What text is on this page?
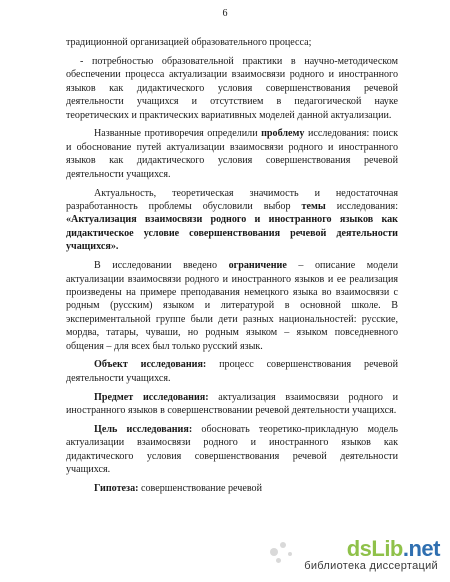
6

традиционной организацией образовательного процесса;

- потребностью образовательной практики в научно-методическом обеспечении процесса актуализации взаимосвязи родного и иностранного языков как дидактического условия совершенствования речевой деятельности учащихся и отсутствием в педагогической науке теоретических и практических вариативных моделей данной актуализации.

Названные противоречия определили проблему исследования: поиск и обоснование путей актуализации взаимосвязи родного и иностранного языков как дидактического условия совершенствования речевой деятельности учащихся.

Актуальность, теоретическая значимость и недостаточная разработанность проблемы обусловили выбор темы исследования: «Актуализация взаимосвязи родного и иностранного языков как дидактическое условие совершенствования речевой деятельности учащихся».

В исследовании введено ограничение – описание модели актуализации взаимосвязи родного и иностранного языков и ее реализация произведены на примере преподавания немецкого языка во взаимосвязи с родным (русским) языком и литературой в основной школе. В экспериментальной группе были дети разных национальностей: русские, мордва, татары, чуваши, но родным языком – языком повседневного общения – для всех был только русский язык.

Объект исследования: процесс совершенствования речевой деятельности учащихся.

Предмет исследования: актуализация взаимосвязи родного и иностранного языков в совершенствовании речевой деятельности учащихся.

Цель исследования: обосновать теоретико-прикладную модель актуализации взаимосвязи родного и иностранного языков как дидактического условия совершенствования речевой деятельности учащихся.

Гипотеза: совершенствование речевой

dsLib.net
библиотека диссертаций
